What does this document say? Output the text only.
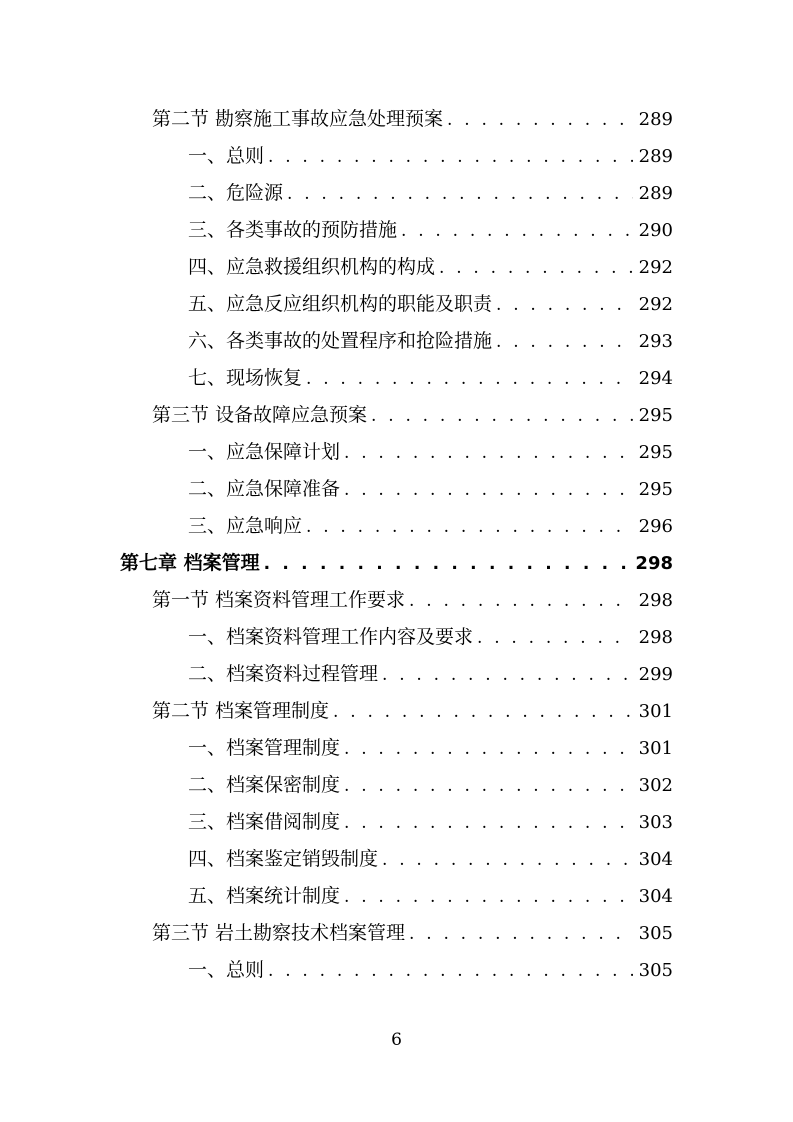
第二节 勘察施工事故应急处理预案 . . .	289
一、总则 . . .	289
二、危险源 . . .	289
三、各类事故的预防措施 . . .	290
四、应急救援组织机构的构成 . . .	292
五、应急反应组织机构的职能及职责 . . .	292
六、各类事故的处置程序和抢险措施 . . .	293
七、现场恢复 . . .	294
第三节 设备故障应急预案 . . .	295
一、应急保障计划 . . .	295
二、应急保障准备 . . .	295
三、应急响应 . . .	296
第七章 档案管理 . . .	298
第一节 档案资料管理工作要求 . . .	298
一、档案资料管理工作内容及要求 . . .	298
二、档案资料过程管理 . . .	299
第二节 档案管理制度 . . .	301
一、档案管理制度 . . .	301
二、档案保密制度 . . .	302
三、档案借阅制度 . . .	303
四、档案鉴定销毁制度 . . .	304
五、档案统计制度 . . .	304
第三节 岩土勘察技术档案管理 . . .	305
一、总则 . . .	305
6
